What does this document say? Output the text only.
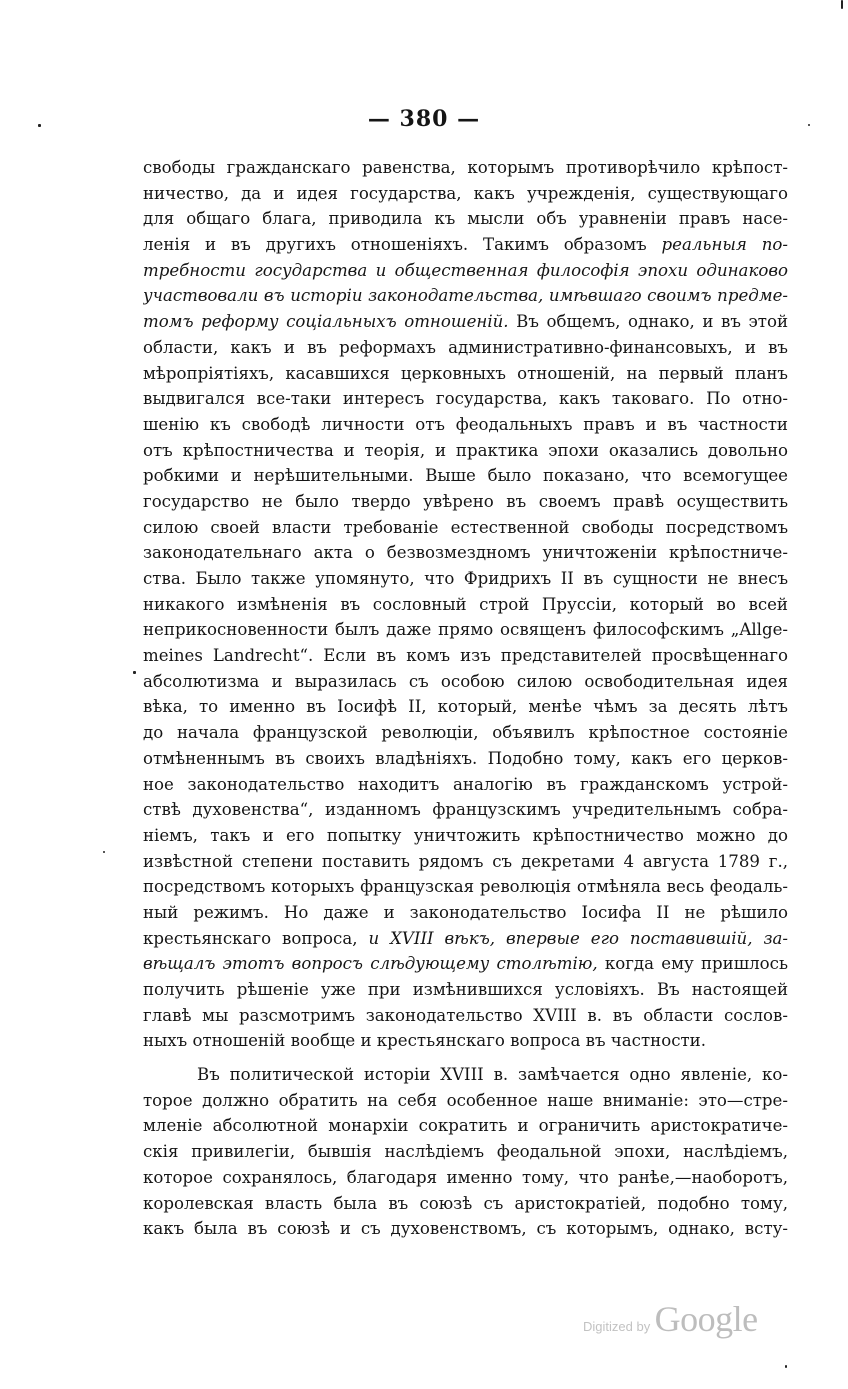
— 380 —
свободы гражданскаго равенства, которымъ противорѣчило крѣпост-
ничество, да и идея государства, какъ учрежденія, существующаго
для общаго блага, приводила къ мысли объ уравненіи правъ насе-
ленія и въ другихъ отношеніяхъ. Такимъ образомъ реальныя по-
требности государства и общественная философія эпохи одинаково
участвовали въ исторіи законодательства, имѣвшаго своимъ предме-
томъ реформу соціальныхъ отношеній. Въ общемъ, однако, и въ этой
области, какъ и въ реформахъ административно-финансовыхъ, и въ
мѣропріятіяхъ, касавшихся церковныхъ отношеній, на первый планъ
выдвигался все-таки интересъ государства, какъ таковаго. По отно-
шенію къ свободѣ личности отъ феодальныхъ правъ и въ частности
отъ крѣпостничества и теорія, и практика эпохи оказались довольно
робкими и нерѣшительными. Выше было показано, что всемогущее
государство не было твердо увѣрено въ своемъ правѣ осуществить
силою своей власти требованіе естественной свободы посредствомъ
законодательнаго акта о безвозмездномъ уничтоженіи крѣпостниче-
ства. Было также упомянуто, что Фридрихъ II въ сущности не внесъ
никакого измѣненія въ сословный строй Пруссіи, который во всей
неприкосновенности былъ даже прямо освященъ философскимъ „Allge-
meines Landrecht“. Если въ комъ изъ представителей просвѣщеннаго
абсолютизма и выразилась съ особою силою освободительная идея
вѣка, то именно въ Іосифѣ II, который, менѣе чѣмъ за десять лѣтъ
до начала французской революціи, объявилъ крѣпостное состояніе
отмѣненнымъ въ своихъ владѣніяхъ. Подобно тому, какъ его церков-
ное законодательство находитъ аналогію въ гражданскомъ устрой-
ствѣ духовенства“, изданномъ французскимъ учредительнымъ собра-
ніемъ, такъ и его попытку уничтожить крѣпостничество можно до
извѣстной степени поставить рядомъ съ декретами 4 августа 1789 г.,
посредствомъ которыхъ французская революція отмѣняла весь феодаль-
ный режимъ. Но даже и законодательство Іосифа II не рѣшило
крестьянскаго вопроса, и XVIII вѣкъ, впервые его поставившій, за-
вѣщалъ этотъ вопросъ слѣдующему столѣтію, когда ему пришлось
получить рѣшеніе уже при измѣнившихся условіяхъ. Въ настоящей
главѣ мы разсмотримъ законодательство XVIII в. въ области сослов-
ныхъ отношеній вообще и крестьянскаго вопроса въ частности.
Въ политической исторіи XVIII в. замѣчается одно явленіе, ко-
торое должно обратить на себя особенное наше вниманіе: это—стре-
мленіе абсолютной монархіи сократить и ограничить аристократиче-
скія привилегіи, бывшія наслѣдіемъ феодальной эпохи, наслѣдіемъ,
которое сохранялось, благодаря именно тому, что ранѣе,—наоборотъ,
королевская власть была въ союзѣ съ аристократіей, подобно тому,
какъ была въ союзѣ и съ духовенствомъ, съ которымъ, однако, всту-
Digitized by Google
